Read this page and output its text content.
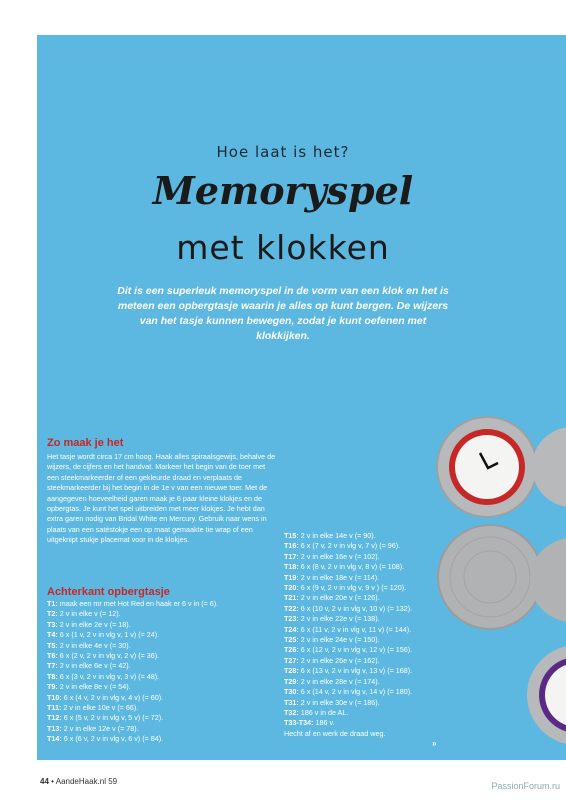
Hoe laat is het?
Memoryspel
met klokken
Dit is een superleuk memoryspel in de vorm van een klok en het is meteen een opbergtasje waarin je alles op kunt bergen. De wijzers van het tasje kunnen bewegen, zodat je kunt oefenen met klokkijken.
Zo maak je het
Het tasje wordt circa 17 cm hoog. Haak alles spiraalsgewijs, behalve de wijzers, de cijfers en het handvat. Markeer het begin van de toer met een steekmarkeerder of een gekleurde draad en verplaats de steekmarkeerder bij het begin in de 1e v van een nieuwe toer. Met de aangegeven hoeveelheid garen maak je 6 paar kleine klokjes en de opbergtas. Je kunt het spel uitbreiden met meer klokjes. Je hebt dan extra garen nodig van Bridal White en Mercury. Gebruik naar wens in plaats van een satéstokje een op maat gemaakte tie wrap of een uitgeknipt stukje placemat voor in de klokjes.
Achterkant opbergtasje
T1: maak een mr met Hot Red en haak er 6 v in (= 6).
T2: 2 v in elke v (= 12).
T3: 2 v in elke 2e v (= 18).
T4: 6 x (1 v, 2 v in vlg v, 1 v) (= 24).
T5: 2 v in elke 4e v (= 30).
T6: 6 x (2 v, 2 v in vlg v, 2 v) (= 36).
T7: 2 v in elke 6e v (= 42).
T8: 6 x (3 v, 2 v in vlg v, 3 v) (= 48).
T9: 2 v in elke 8e v (= 54).
T10: 6 x (4 v, 2 v in vlg v, 4 v) (= 60).
T11: 2 v in elke 10e v (= 66).
T12: 6 x (5 v, 2 v in vlg v, 5 v) (= 72).
T13: 2 v in elke 12e v (= 78).
T14: 6 x (6 v, 2 v in vlg v, 6 v) (= 84).
T15: 2 v in elke 14e v (= 90).
T16: 6 x (7 v, 2 v in vlg v, 7 v) (= 96).
T17: 2 v in elke 16e v (= 102).
T18: 6 x (8 v, 2 v in vlg v, 8 v) (= 108).
T19: 2 v in elke 18e v (= 114).
T20: 6 x (9 v, 2 v in vlg v, 9 v ) (= 120).
T21: 2 v in elke 20e v (= 126).
T22: 6 x (10 v, 2 v in vlg v, 10 v) (= 132).
T23: 2 v in elke 22e v (= 138).
T24: 6 x (11 v, 2 v in vlg v, 11 v) (= 144).
T25: 2 v in elke 24e v (= 150).
T26: 6 x (12 v, 2 v in vlg v, 12 v) (= 156).
T27: 2 v in elke 26e v (= 162).
T28: 6 x (13 v, 2 v in vlg v, 13 v) (= 168).
T29: 2 v in elke 28e v (= 174).
T30: 6 x (14 v, 2 v in vlg v, 14 v) (= 180).
T31: 2 v in elke 30e v (= 186).
T32: 186 v in de AL.
T33-T34: 186 v.
Hecht af en werk de draad weg.
»
44 • AandeHaak.nl 59	PassionForum.ru
